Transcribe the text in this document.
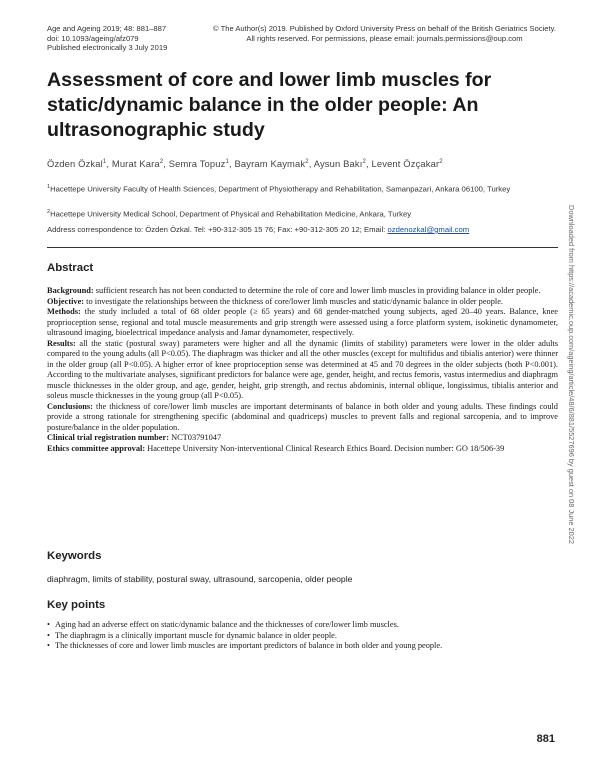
Age and Ageing 2019; 48: 881–887
doi: 10.1093/ageing/afz079
Published electronically 3 July 2019
© The Author(s) 2019. Published by Oxford University Press on behalf of the British Geriatrics Society. All rights reserved. For permissions, please email: journals.permissions@oup.com
Assessment of core and lower limb muscles for static/dynamic balance in the older people: An ultrasonographic study
Özden Özkal$^1$, Murat Kara$^2$, Semra Topuz$^1$, Bayram Kaymak$^2$, Aysun Bakı$^2$, Levent Özçakar$^2$
$^1$Hacettepe University Faculty of Health Sciences, Department of Physiotherapy and Rehabilitation, Samanpazari, Ankara 06100, Turkey
$^2$Hacettepe University Medical School, Department of Physical and Rehabilitation Medicine, Ankara, Turkey
Address correspondence to: Özden Özkal. Tel: +90-312-305 15 76; Fax: +90-312-305 20 12; Email: ozdenozkal@gmail.com	Downloaded from https://academic.oup.com/ageing/article/48/6/881/5527696 by guest on 08 June 2022
Abstract

Background: sufficient research has not been conducted to determine the role of core and lower limb muscles in providing balance in older people.

Objective: to investigate the relationships between the thickness of core/lower limb muscles and static/dynamic balance in older people.

Methods: the study included a total of 68 older people (≥ 65 years) and 68 gender-matched young subjects, aged 20–40 years. Balance, knee proprioception sense, regional and total muscle measurements and grip strength were assessed using a force platform system, isokinetic dynamometer, ultrasound imaging, bioelectrical impedance analysis and Jamar dynamometer, respectively.

Results: all the static (postural sway) parameters were higher and all the dynamic (limits of stability) parameters were lower in the older adults compared to the young adults (all P<0.05). The diaphragm was thicker and all the other muscles (except for multifidus and tibialis anterior) were thinner in the older group (all P<0.05). A higher error of knee proprioception sense was determined at 45 and 70 degrees in the older subjects (both P<0.001). According to the multivariate analyses, significant predictors for balance were age, gender, height, and rectus femoris, vastus intermedius and diaphragm muscle thicknesses in the older group, and age, gender, height, grip strength, and rectus abdominis, internal oblique, longissimus, tibialis anterior and soleus muscle thicknesses in the young group (all P<0.05).

Conclusions: the thickness of core/lower limb muscles are important determinants of balance in both older and young adults. These findings could provide a strong rationale for strengthening specific (abdominal and quadriceps) muscles to prevent falls and regional sarcopenia, and to improve posture/balance in the older population.

Clinical trial registration number: NCT03791047

Ethics committee approval: Hacettepe University Non-interventional Clinical Research Ethics Board. Decision number: GO 18/506-39

Keywords
diaphragm, limits of stability, postural sway, ultrasound, sarcopenia, older people
Key points
• Aging had an adverse effect on static/dynamic balance and the thicknesses of core/lower limb muscles.
• The diaphragm is a clinically important muscle for dynamic balance in older people.
• The thicknesses of core and lower limb muscles are important predictors of balance in both older and young people.
881
